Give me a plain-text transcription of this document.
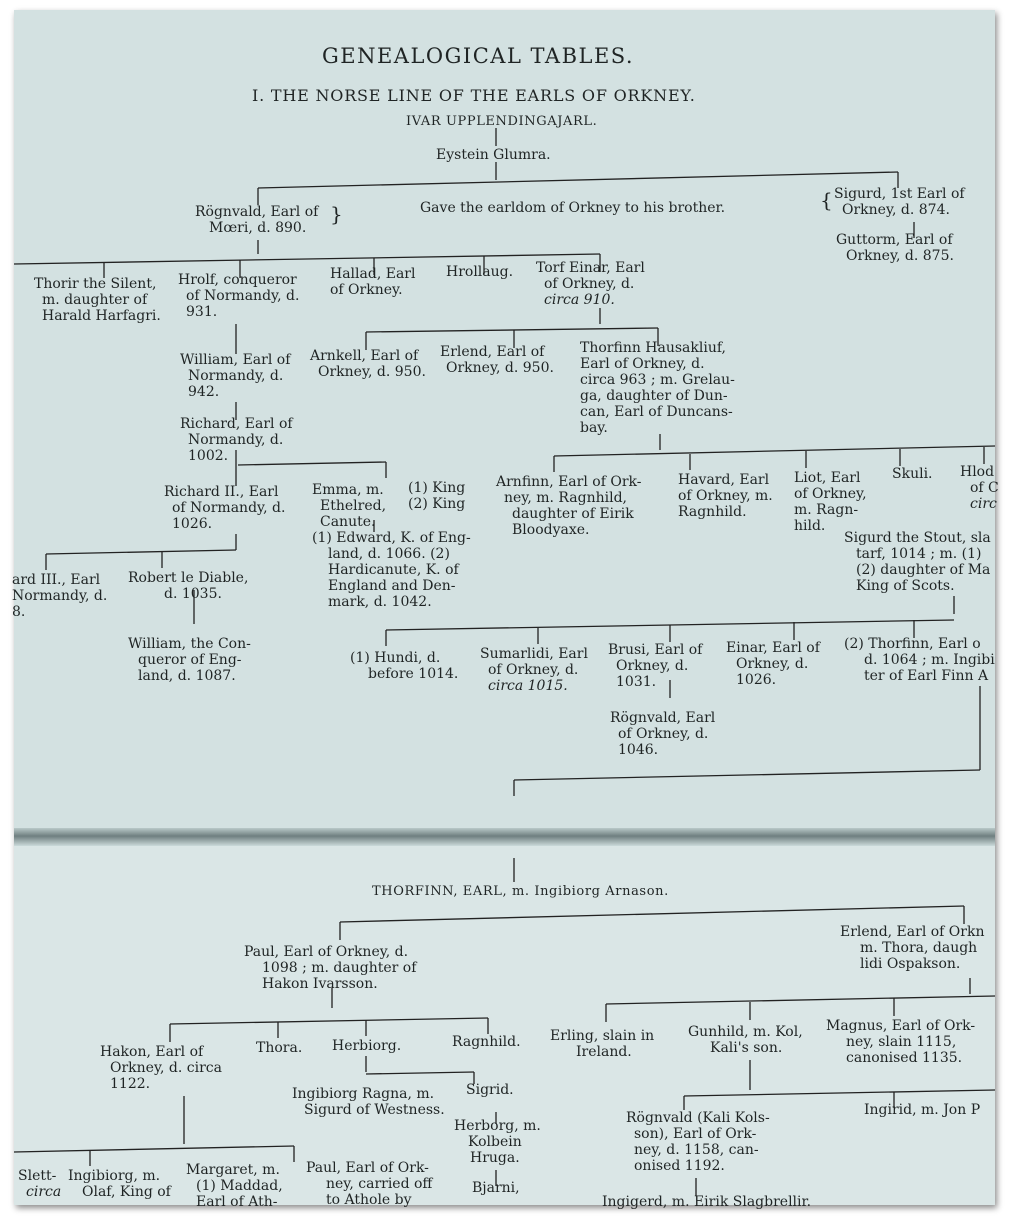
GENEALOGICAL TABLES.
I. THE NORSE LINE OF THE EARLS OF ORKNEY.
IVAR UPPLENDINGAJARL.
Eystein Glumra.
Rögnvald, Earl of
Mœri, d. 890.
}	Gave the earldom of Orkney to his brother.	{ Sigurd, 1st Earl of
Orkney, d. 874.
Guttorm, Earl of
Orkney, d. 875.
Thorir the Silent,
m. daughter of
Harald Harfagri.
Hrolf, conqueror
of Normandy, d.
931.
Hallad, Earl
of Orkney.
Hrollaug. Torf Einar, Earl
of Orkney, d.
circa 910.
William, Earl of
Normandy, d.
942.
Arnkell, Earl of
Orkney, d. 950.
Erlend, Earl of
Orkney, d. 950.
Thorfinn Hausakliuf,
Earl of Orkney, d.
circa 963 ; m. Grelau-
ga, daughter of Dun-
can, Earl of Duncans-
bay.
Richard, Earl of
Normandy, d.
1002.
Richard II., Earl
of Normandy, d.
1026.
Emma, m.
Ethelred,
Canute.
(1) King
(2) King
(1) Edward, K. of Eng-
land, d. 1066. (2)
Hardicanute, K. of
England and Den-
mark, d. 1042.
Arnfinn, Earl of Ork-
ney, m. Ragnhild,
daughter of Eirik
Bloodyaxe.
Havard, Earl
of Orkney, m.
Ragnhild.
Liot, Earl
of Orkney,
m. Ragn-
hild.
Skuli. Hlod
of C
circ
ard III., Earl
Normandy, d.
8.
Robert le Diable,
d. 1035.
Sigurd the Stout, sla
tarf, 1014 ; m. (1)
(2) daughter of Ma
King of Scots.
William, the Con-
queror of Eng-
land, d. 1087.
(1) Hundi, d.
before 1014.
Sumarlidi, Earl
of Orkney, d.
circa 1015.
Brusi, Earl of
Orkney, d.
1031.
Einar, Earl of
Orkney, d.
1026.
(2) Thorfinn, Earl o
d. 1064 ; m. Ingibi
ter of Earl Finn A
Rögnvald, Earl
of Orkney, d.
1046.
THORFINN, EARL, m. Ingibiorg Arnason.
Paul, Earl of Orkney, d.
1098 ; m. daughter of
Hakon Ivarsson.
Erlend, Earl of Orkn
m. Thora, daugh
lidi Ospakson.
Hakon, Earl of
Orkney, d. circa
1122.
Thora. Herbiorg.	Ragnhild. Erling, slain in
Ireland.
Gunhild, m. Kol,
Kali's son.
Magnus, Earl of Ork-
ney, slain 1115,
canonised 1135.
Ingibiorg Ragna, m.
Sigurd of Westness.
Sigrid.
Herborg, m.
Kolbein
Hruga.
Rögnvald (Kali Kols-
son), Earl of Ork-
ney, d. 1158, can-
onised 1192.
Ingirid, m. Jon P
Slett-
circa
Ingibiorg, m.
Olaf, King of
Margaret, m.
(1) Maddad,
Earl of Ath-
Paul, Earl of Ork-
ney, carried off
to Athole by
Bjarni,
Ingigerd, m. Eirik Slagbrellir.
